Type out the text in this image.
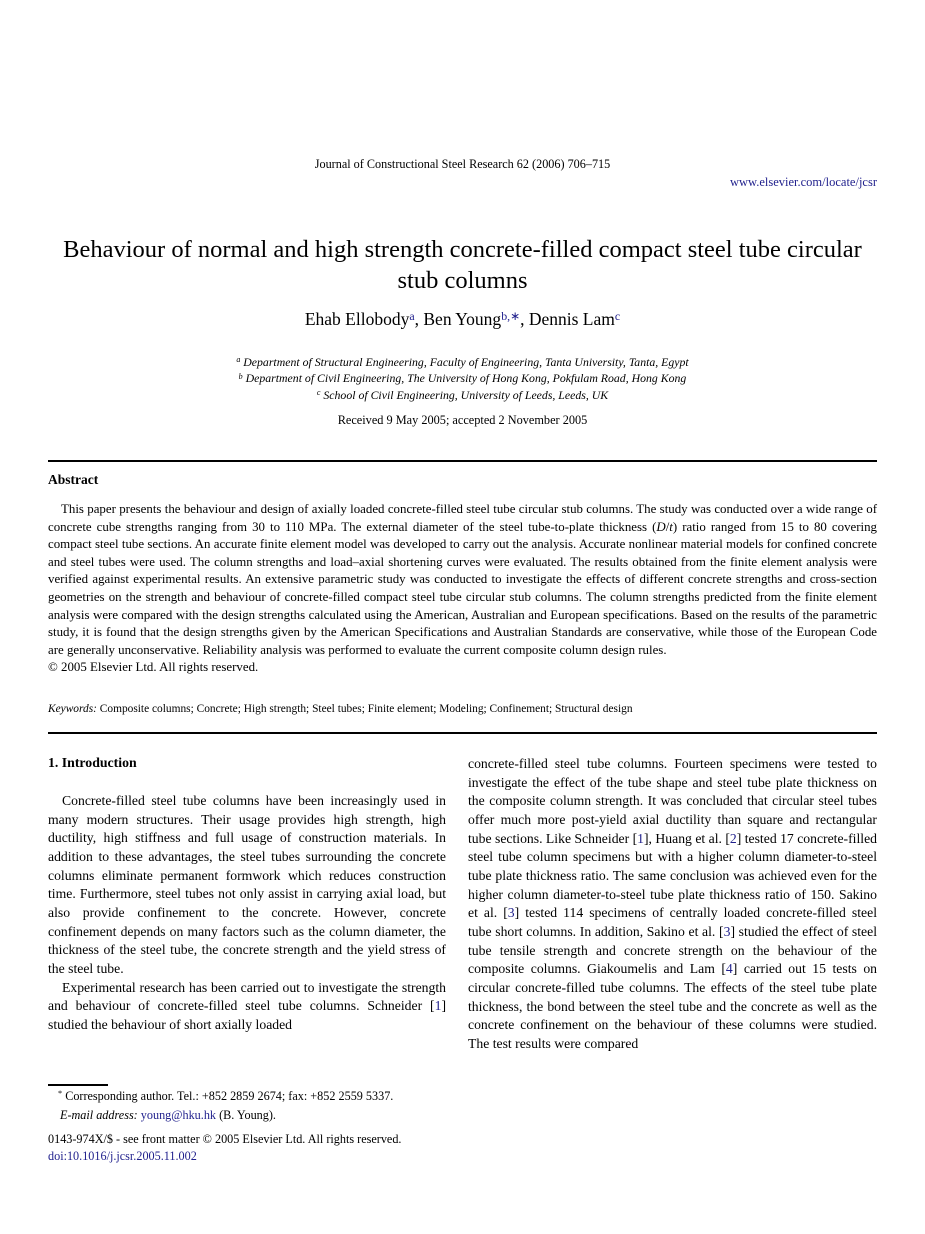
Journal of Constructional Steel Research 62 (2006) 706–715
www.elsevier.com/locate/jcsr
Behaviour of normal and high strength concrete-filled compact steel tube circular stub columns
Ehab Ellobody$^a$, Ben Young$^{b,∗}$, Dennis Lam$^c$
$^a$ Department of Structural Engineering, Faculty of Engineering, Tanta University, Tanta, Egypt
$^b$ Department of Civil Engineering, The University of Hong Kong, Pokfulam Road, Hong Kong
$^c$ School of Civil Engineering, University of Leeds, Leeds, UK
Received 9 May 2005; accepted 2 November 2005
Abstract

This paper presents the behaviour and design of axially loaded concrete-filled steel tube circular stub columns. The study was conducted over a wide range of concrete cube strengths ranging from 30 to 110 MPa. The external diameter of the steel tube-to-plate thickness (D/t) ratio ranged from 15 to 80 covering compact steel tube sections. An accurate finite element model was developed to carry out the analysis. Accurate nonlinear material models for confined concrete and steel tubes were used. The column strengths and load–axial shortening curves were evaluated. The results obtained from the finite element analysis were verified against experimental results. An extensive parametric study was conducted to investigate the effects of different concrete strengths and cross-section geometries on the strength and behaviour of concrete-filled compact steel tube circular stub columns. The column strengths predicted from the finite element analysis were compared with the design strengths calculated using the American, Australian and European specifications. Based on the results of the parametric study, it is found that the design strengths given by the American Specifications and Australian Standards are conservative, while those of the European Code are generally unconservative. Reliability analysis was performed to evaluate the current composite column design rules.

© 2005 Elsevier Ltd. All rights reserved.
Keywords: Composite columns; Concrete; High strength; Steel tubes; Finite element; Modeling; Confinement; Structural design
1. Introduction

Concrete-filled steel tube columns have been increasingly used in many modern structures. Their usage provides high strength, high ductility, high stiffness and full usage of construction materials. In addition to these advantages, the steel tubes surrounding the concrete columns eliminate permanent formwork which reduces construction time. Furthermore, steel tubes not only assist in carrying axial load, but also provide confinement to the concrete. However, concrete confinement depends on many factors such as the column diameter, the thickness of the steel tube, the concrete strength and the yield stress of the steel tube.

Experimental research has been carried out to investigate the strength and behaviour of concrete-filled steel tube columns. Schneider [1] studied the behaviour of short axially loaded

concrete-filled steel tube columns. Fourteen specimens were tested to investigate the effect of the tube shape and steel tube plate thickness on the composite column strength. It was concluded that circular steel tubes offer much more post-yield axial ductility than square and rectangular tube sections. Like Schneider [1], Huang et al. [2] tested 17 concrete-filled steel tube column specimens but with a higher column diameter-to-steel tube plate thickness ratio. The same conclusion was achieved even for the higher column diameter-to-steel tube plate thickness ratio of 150. Sakino et al. [3] tested 114 specimens of centrally loaded concrete-filled steel tube short columns. In addition, Sakino et al. [3] studied the effect of steel tube tensile strength and concrete strength on the behaviour of the composite columns. Giakoumelis and Lam [4] carried out 15 tests on circular concrete-filled tube columns. The effects of the steel tube plate thickness, the bond between the steel tube and the concrete as well as the concrete confinement on the behaviour of these columns were studied. The test results were compared

* Corresponding author. Tel.: +852 2859 2674; fax: +852 2559 5337.
E-mail address: young@hku.hk (B. Young).
0143-974X/$ - see front matter © 2005 Elsevier Ltd. All rights reserved.
doi:10.1016/j.jcsr.2005.11.002
